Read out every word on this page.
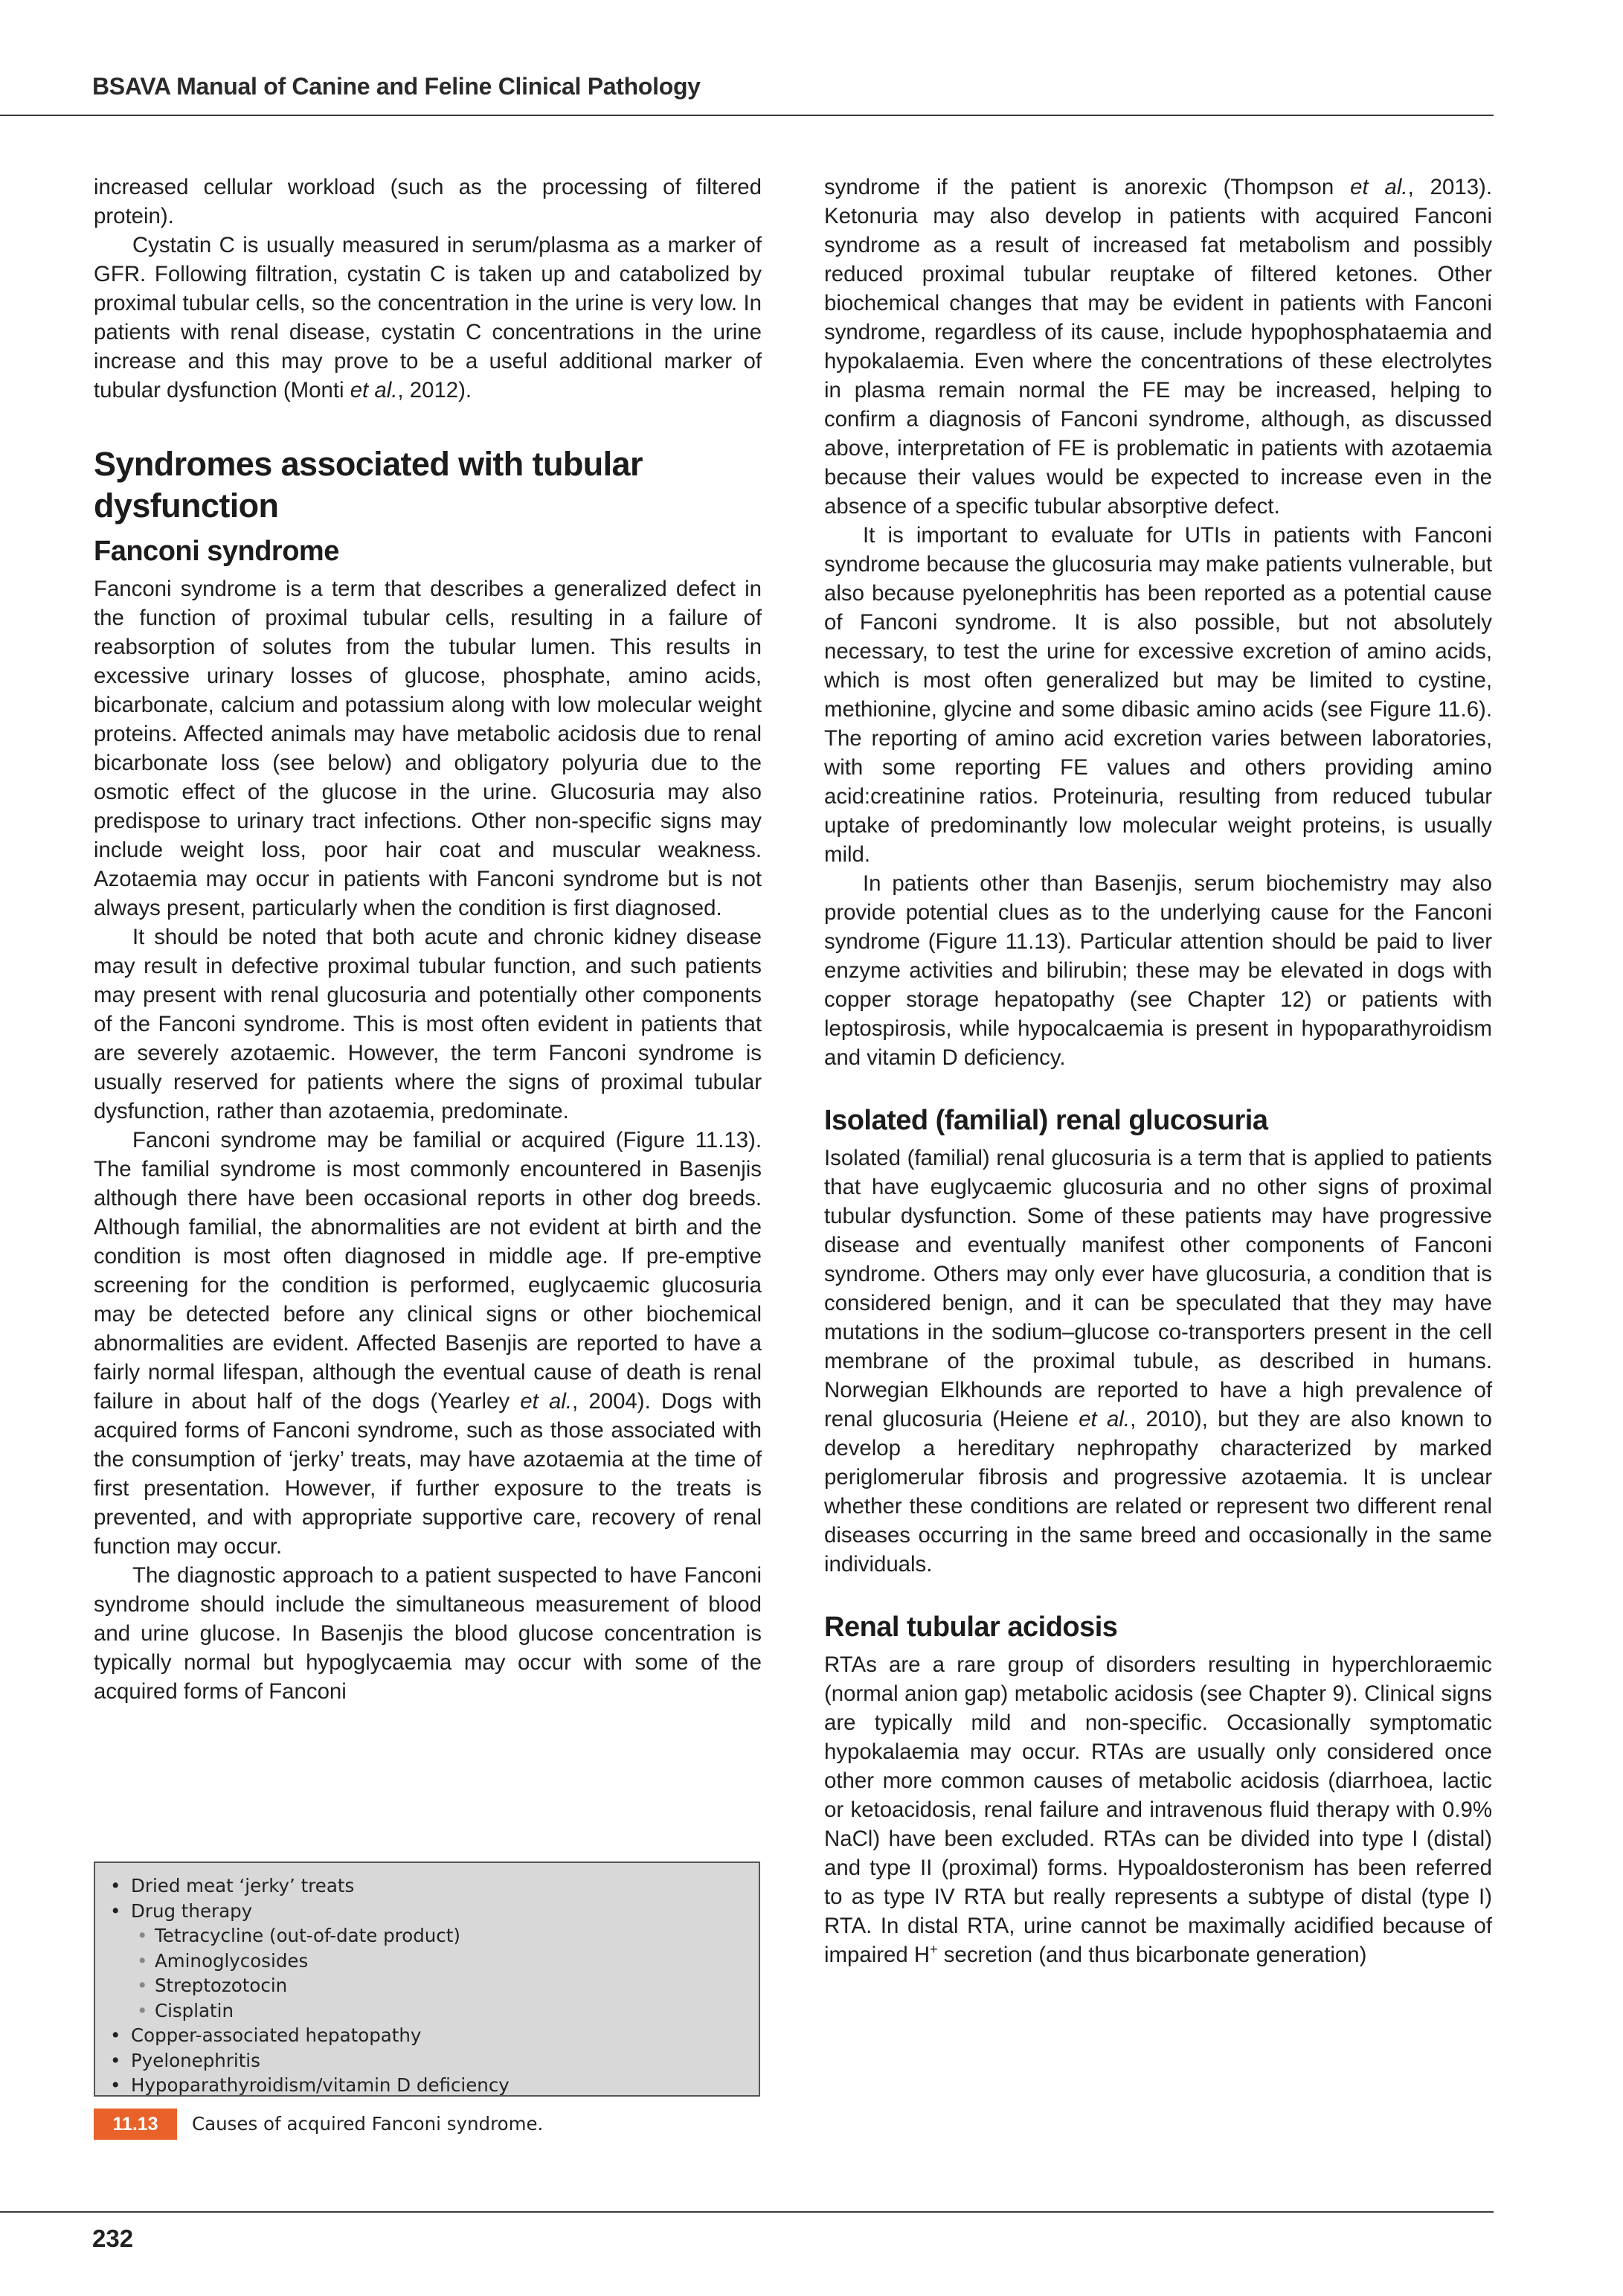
BSAVA Manual of Canine and Feline Clinical Pathology

increased cellular workload (such as the processing of filtered protein).

Cystatin C is usually measured in serum/plasma as a marker of GFR. Following filtration, cystatin C is taken up and catabolized by proximal tubular cells, so the concentration in the urine is very low. In patients with renal disease, cystatin C concentrations in the urine increase and this may prove to be a useful additional marker of tubular dysfunction (Monti et al., 2012).

Syndromes associated with tubular dysfunction
Fanconi syndrome

Fanconi syndrome is a term that describes a generalized defect in the function of proximal tubular cells, resulting in a failure of reabsorption of solutes from the tubular lumen. This results in excessive urinary losses of glucose, phosphate, amino acids, bicarbonate, calcium and potassium along with low molecular weight proteins. Affected animals may have metabolic acidosis due to renal bicarbonate loss (see below) and obligatory polyuria due to the osmotic effect of the glucose in the urine. Glucosuria may also predispose to urinary tract infections. Other non-specific signs may include weight loss, poor hair coat and muscular weakness. Azotaemia may occur in patients with Fanconi syndrome but is not always present, particularly when the condition is first diagnosed.

It should be noted that both acute and chronic kidney disease may result in defective proximal tubular function, and such patients may present with renal glucosuria and potentially other components of the Fanconi syndrome. This is most often evident in patients that are severely azotaemic. However, the term Fanconi syndrome is usually reserved for patients where the signs of proximal tubular dysfunction, rather than azotaemia, predominate.

Fanconi syndrome may be familial or acquired (Figure 11.13). The familial syndrome is most commonly encountered in Basenjis although there have been occasional reports in other dog breeds. Although familial, the abnormalities are not evident at birth and the condition is most often diagnosed in middle age. If pre-emptive screening for the condition is performed, euglycaemic glucosuria may be detected before any clinical signs or other biochemical abnormalities are evident. Affected Basenjis are reported to have a fairly normal lifespan, although the eventual cause of death is renal failure in about half of the dogs (Yearley et al., 2004). Dogs with acquired forms of Fanconi syndrome, such as those associated with the consumption of ‘jerky’ treats, may have azotaemia at the time of first presentation. However, if further exposure to the treats is prevented, and with appropriate supportive care, recovery of renal function may occur.

The diagnostic approach to a patient suspected to have Fanconi syndrome should include the simultaneous measurement of blood and urine glucose. In Basenjis the blood glucose concentration is typically normal but hypoglycaemia may occur with some of the acquired forms of Fanconi

• Dried meat ‘jerky’ treats
• Drug therapy
• Tetracycline (out-of-date product)
• Aminoglycosides
• Streptozotocin
• Cisplatin
• Copper-associated hepatopathy
• Pyelonephritis
• Hypoparathyroidism/vitamin D deficiency
11.13	Causes of acquired Fanconi syndrome.

syndrome if the patient is anorexic (Thompson et al., 2013). Ketonuria may also develop in patients with acquired Fanconi syndrome as a result of increased fat metabolism and possibly reduced proximal tubular reuptake of filtered ketones. Other biochemical changes that may be evident in patients with Fanconi syndrome, regardless of its cause, include hypophosphataemia and hypokalaemia. Even where the concentrations of these electrolytes in plasma remain normal the FE may be increased, helping to confirm a diagnosis of Fanconi syndrome, although, as discussed above, interpretation of FE is problematic in patients with azotaemia because their values would be expected to increase even in the absence of a specific tubular absorptive defect.

It is important to evaluate for UTIs in patients with Fanconi syndrome because the glucosuria may make patients vulnerable, but also because pyelonephritis has been reported as a potential cause of Fanconi syndrome. It is also possible, but not absolutely necessary, to test the urine for excessive excretion of amino acids, which is most often generalized but may be limited to cystine, methionine, glycine and some dibasic amino acids (see Figure 11.6). The reporting of amino acid excretion varies between laboratories, with some reporting FE values and others providing amino acid:creatinine ratios. Proteinuria, resulting from reduced tubular uptake of predominantly low molecular weight proteins, is usually mild.

In patients other than Basenjis, serum biochemistry may also provide potential clues as to the underlying cause for the Fanconi syndrome (Figure 11.13). Particular attention should be paid to liver enzyme activities and bilirubin; these may be elevated in dogs with copper storage hepatopathy (see Chapter 12) or patients with leptospirosis, while hypocalcaemia is present in hypoparathyroidism and vitamin D deficiency.

Isolated (familial) renal glucosuria

Isolated (familial) renal glucosuria is a term that is applied to patients that have euglycaemic glucosuria and no other signs of proximal tubular dysfunction. Some of these patients may have progressive disease and eventually manifest other components of Fanconi syndrome. Others may only ever have glucosuria, a condition that is considered benign, and it can be speculated that they may have mutations in the sodium–glucose co-transporters present in the cell membrane of the proximal tubule, as described in humans. Norwegian Elkhounds are reported to have a high prevalence of renal glucosuria (Heiene et al., 2010), but they are also known to develop a hereditary nephropathy characterized by marked periglomerular fibrosis and progressive azotaemia. It is unclear whether these conditions are related or represent two different renal diseases occurring in the same breed and occasionally in the same individuals.

Renal tubular acidosis

RTAs are a rare group of disorders resulting in hyperchloraemic (normal anion gap) metabolic acidosis (see Chapter 9). Clinical signs are typically mild and non-specific. Occasionally symptomatic hypokalaemia may occur. RTAs are usually only considered once other more common causes of metabolic acidosis (diarrhoea, lactic or ketoacidosis, renal failure and intravenous fluid therapy with 0.9% NaCl) have been excluded. RTAs can be divided into type I (distal) and type II (proximal) forms. Hypoaldosteronism has been referred to as type IV RTA but really represents a subtype of distal (type I) RTA. In distal RTA, urine cannot be maximally acidified because of impaired H+ secretion (and thus bicarbonate generation)

232
